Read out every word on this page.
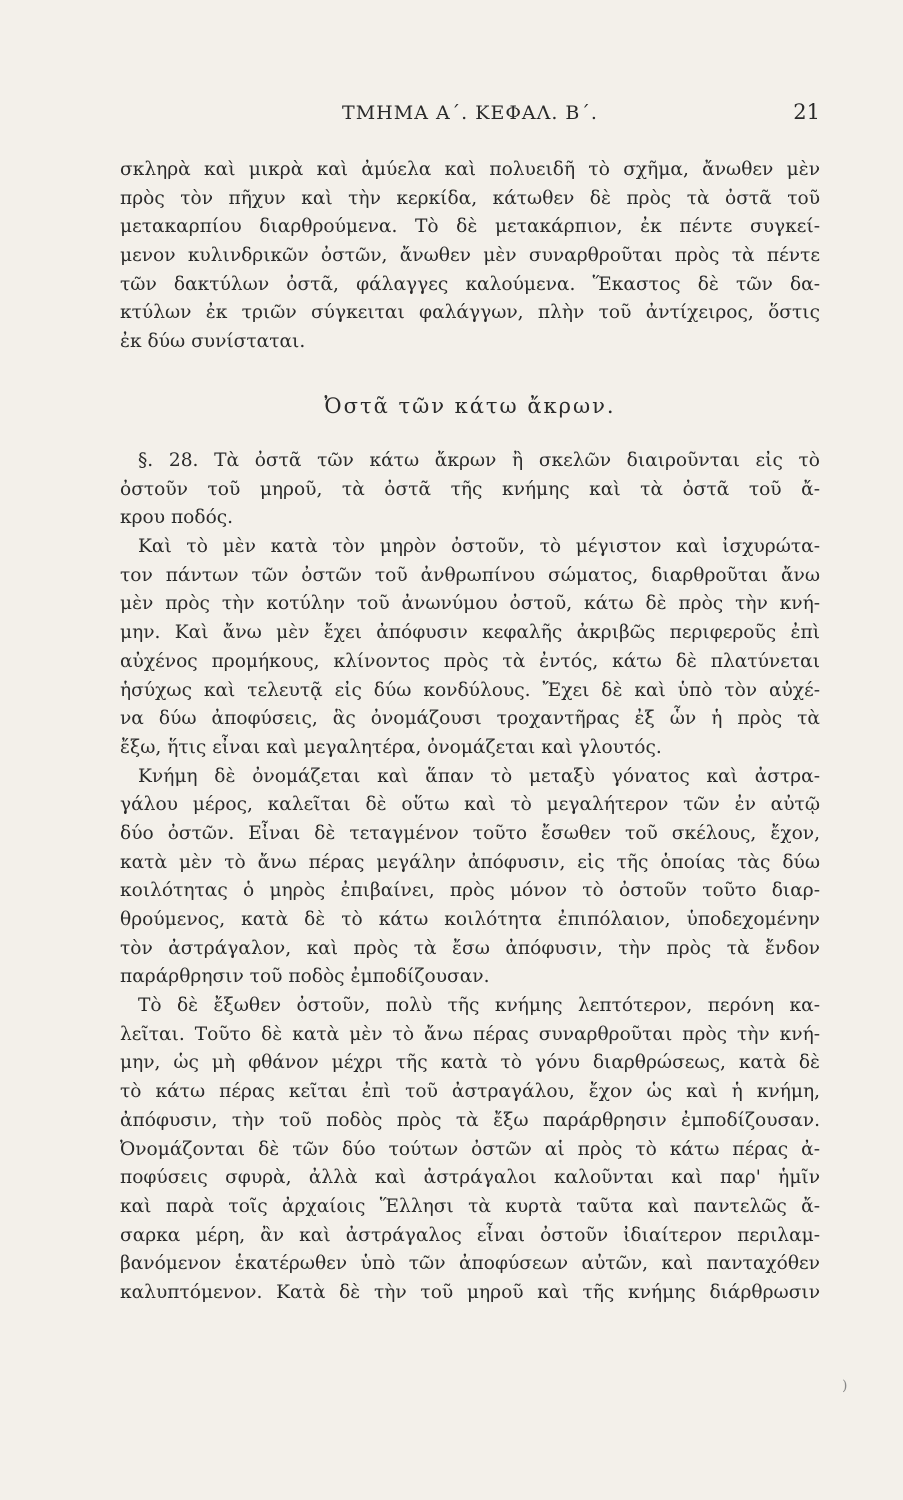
ΤΜΗΜΑ Α΄. ΚΕΦΑΛ. Β΄.	21
σκληρὰ καὶ μικρὰ καὶ ἀμύελα καὶ πολυειδῆ τὸ σχῆμα, ἄνωθεν μὲν
πρὸς τὸν πῆχυν καὶ τὴν κερκίδα, κάτωθεν δὲ πρὸς τὰ ὀστᾶ τοῦ
μετακαρπίου διαρθρούμενα. Τὸ δὲ μετακάρπιον, ἐκ πέντε συγκεί-
μενον κυλινδρικῶν ὀστῶν, ἄνωθεν μὲν συναρθροῦται πρὸς τὰ πέντε
τῶν δακτύλων ὀστᾶ, φάλαγγες καλούμενα. Ἕκαστος δὲ τῶν δα-
κτύλων ἐκ τριῶν σύγκειται φαλάγγων, πλὴν τοῦ ἀντίχειρος, ὅστις
ἐκ δύω συνίσταται.
Ὀστᾶ τῶν κάτω ἄκρων.
§. 28. Τὰ ὀστᾶ τῶν κάτω ἄκρων ἢ σκελῶν διαιροῦνται εἰς τὸ
ὀστοῦν τοῦ μηροῦ, τὰ ὀστᾶ τῆς κνήμης καὶ τὰ ὀστᾶ τοῦ ἄ-
κρου ποδός.
Καὶ τὸ μὲν κατὰ τὸν μηρὸν ὀστοῦν, τὸ μέγιστον καὶ ἰσχυρώτα-
τον πάντων τῶν ὀστῶν τοῦ ἀνθρωπίνου σώματος, διαρθροῦται ἄνω
μὲν πρὸς τὴν κοτύλην τοῦ ἀνωνύμου ὀστοῦ, κάτω δὲ πρὸς τὴν κνή-
μην. Καὶ ἄνω μὲν ἔχει ἀπόφυσιν κεφαλῆς ἀκριβῶς περιφεροῦς ἐπὶ
αὐχένος προμήκους, κλίνοντος πρὸς τὰ ἐντός, κάτω δὲ πλατύνεται
ἡσύχως καὶ τελευτᾷ εἰς δύω κονδύλους. Ἔχει δὲ καὶ ὑπὸ τὸν αὐχέ-
να δύω ἀποφύσεις, ἃς ὀνομάζουσι τροχαντῆρας ἐξ ὧν ἡ πρὸς τὰ
ἔξω, ἥτις εἶναι καὶ μεγαλητέρα, ὀνομάζεται καὶ γλουτός.
Κνήμη δὲ ὀνομάζεται καὶ ἅπαν τὸ μεταξὺ γόνατος καὶ ἀστρα-
γάλου μέρος, καλεῖται δὲ οὕτω καὶ τὸ μεγαλήτερον τῶν ἐν αὐτῷ
δύο ὀστῶν. Εἶναι δὲ τεταγμένον τοῦτο ἔσωθεν τοῦ σκέλους, ἔχον,
κατὰ μὲν τὸ ἄνω πέρας μεγάλην ἀπόφυσιν, εἰς τῆς ὁποίας τὰς δύω
κοιλότητας ὁ μηρὸς ἐπιβαίνει, πρὸς μόνον τὸ ὀστοῦν τοῦτο διαρ-
θρούμενος, κατὰ δὲ τὸ κάτω κοιλότητα ἐπιπόλαιον, ὑποδεχομένην
τὸν ἀστράγαλον, καὶ πρὸς τὰ ἔσω ἀπόφυσιν, τὴν πρὸς τὰ ἔνδον
παράρθρησιν τοῦ ποδὸς ἐμποδίζουσαν.
Τὸ δὲ ἔξωθεν ὀστοῦν, πολὺ τῆς κνήμης λεπτότερον, περόνη κα-
λεῖται. Τοῦτο δὲ κατὰ μὲν τὸ ἄνω πέρας συναρθροῦται πρὸς τὴν κνή-
μην, ὡς μὴ φθάνον μέχρι τῆς κατὰ τὸ γόνυ διαρθρώσεως, κατὰ δὲ
τὸ κάτω πέρας κεῖται ἐπὶ τοῦ ἀστραγάλου, ἔχον ὡς καὶ ἡ κνήμη,
ἀπόφυσιν, τὴν τοῦ ποδὸς πρὸς τὰ ἔξω παράρθρησιν ἐμποδίζουσαν.
Ὀνομάζονται δὲ τῶν δύο τούτων ὀστῶν αἱ πρὸς τὸ κάτω πέρας ἀ-
ποφύσεις σφυρὰ, ἀλλὰ καὶ ἀστράγαλοι καλοῦνται καὶ παρ' ἡμῖν
καὶ παρὰ τοῖς ἀρχαίοις Ἕλλησι τὰ κυρτὰ ταῦτα καὶ παντελῶς ἄ-
σαρκα μέρη, ἂν καὶ ἀστράγαλος εἶναι ὀστοῦν ἰδιαίτερον περιλαμ-
βανόμενον ἑκατέρωθεν ὑπὸ τῶν ἀποφύσεων αὐτῶν, καὶ πανταχόθεν
καλυπτόμενον. Κατὰ δὲ τὴν τοῦ μηροῦ καὶ τῆς κνήμης διάρθρωσιν
)
